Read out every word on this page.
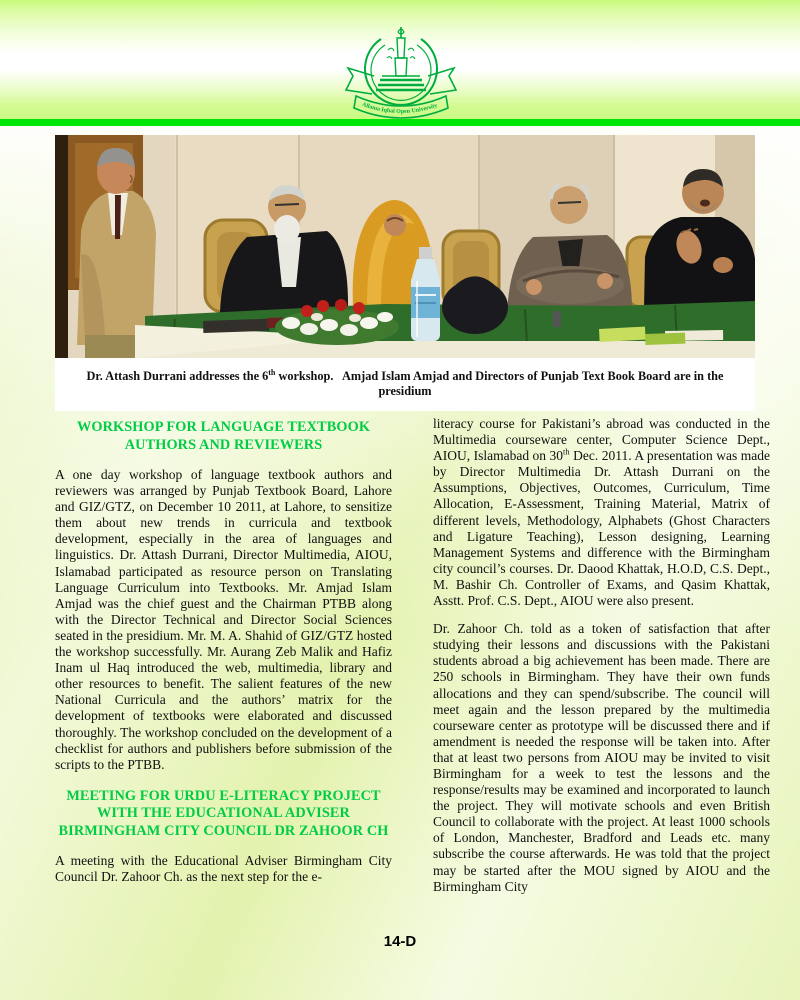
Allama Iqbal Open University
Dr. Attash Durrani addresses the 6th workshop.  Amjad Islam Amjad and Directors of Punjab Text Book Board are in the presidium
WORKSHOP FOR LANGUAGE TEXTBOOK AUTHORS AND REVIEWERS

A one day workshop of language textbook authors and reviewers was arranged by Punjab Textbook Board, Lahore and GIZ/GTZ, on December 10 2011, at Lahore, to sensitize them about new trends in curricula and textbook development, especially in the area of languages and linguistics. Dr. Attash Durrani, Director Multimedia, AIOU, Islamabad participated as resource person on Translating Language Curriculum into Textbooks. Mr. Amjad Islam Amjad was the chief guest and the Chairman PTBB along with the Director Technical and Director Social Sciences seated in the presidium. Mr. M. A. Shahid of GIZ/GTZ hosted the workshop successfully. Mr. Aurang Zeb Malik and Hafiz Inam ul Haq introduced the web, multimedia, library and other resources to benefit. The salient features of the new National Curricula and the authors’ matrix for the development of textbooks were elaborated and discussed thoroughly. The workshop concluded on the development of a checklist for authors and publishers before submission of the scripts to the PTBB.

MEETING FOR URDU E-LITERACY PROJECT WITH THE EDUCATIONAL ADVISER BIRMINGHAM CITY COUNCIL DR ZAHOOR CH

A meeting with the Educational Adviser Birmingham City Council Dr. Zahoor Ch. as the next step for the e-

literacy course for Pakistani’s abroad was conducted in the Multimedia courseware center, Computer Science Dept., AIOU, Islamabad on 30th Dec. 2011. A presentation was made by Director Multimedia Dr. Attash Durrani on the Assumptions, Objectives, Outcomes, Curriculum, Time Allocation, E-Assessment, Training Material, Matrix of different levels, Methodology, Alphabets (Ghost Characters and Ligature Teaching), Lesson designing, Learning Management Systems and difference with the Birmingham city council’s courses. Dr. Daood Khattak, H.O.D, C.S. Dept., M. Bashir Ch. Controller of Exams, and Qasim Khattak, Asstt. Prof. C.S. Dept., AIOU were also present.

Dr. Zahoor Ch. told as a token of satisfaction that after studying their lessons and discussions with the Pakistani students abroad a big achievement has been made. There are 250 schools in Birmingham. They have their own funds allocations and they can spend/subscribe. The council will meet again and the lesson prepared by the multimedia courseware center as prototype will be discussed there and if amendment is needed the response will be taken into. After that at least two persons from AIOU may be invited to visit Birmingham for a week to test the lessons and the response/results may be examined and incorporated to launch the project. They will motivate schools and even British Council to collaborate with the project. At least 1000 schools of London, Manchester, Bradford and Leads etc. many subscribe the course afterwards. He was told that the project may be started after the MOU signed by AIOU and the Birmingham City

14-D
